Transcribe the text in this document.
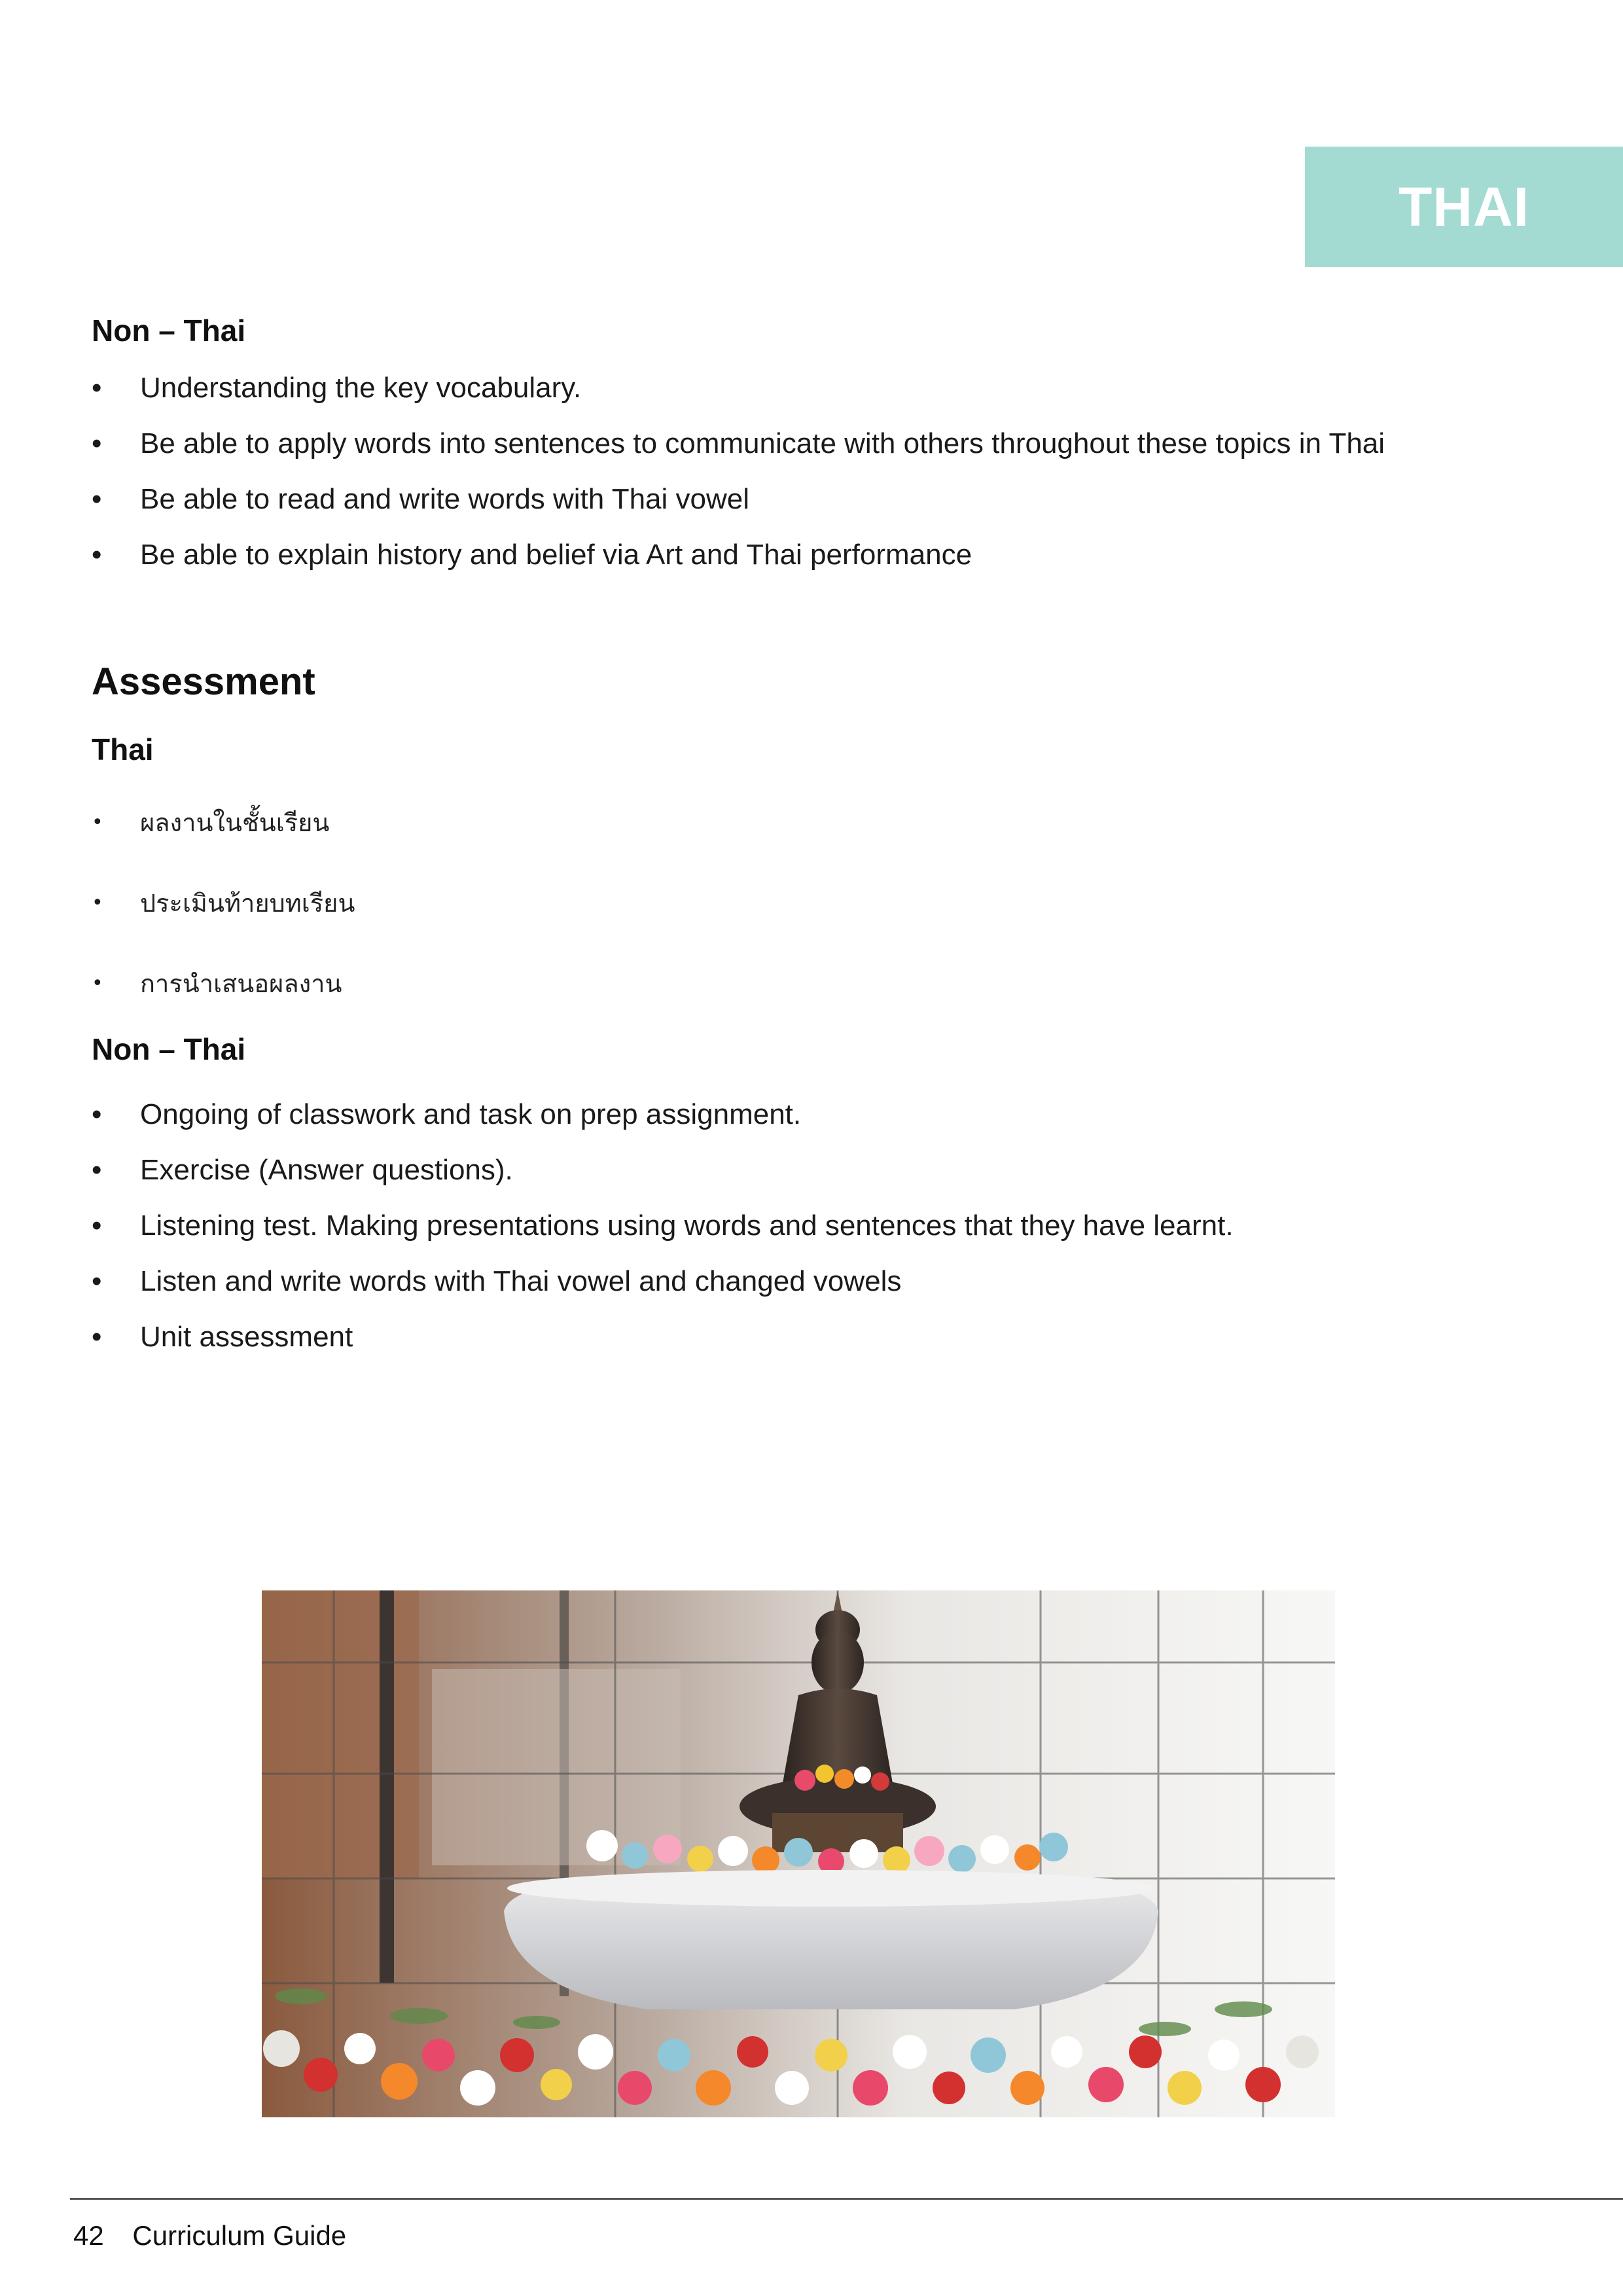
THAI
Non – Thai
• Understanding the key vocabulary.
• Be able to apply words into sentences to communicate with others throughout these topics in Thai
• Be able to read and write words with Thai vowel
• Be able to explain history and belief via Art and Thai performance
Assessment
Thai
• ผลงานในชั้นเรียน
• ประเมินท้ายบทเรียน
• การนำเสนอผลงาน
Non – Thai
• Ongoing of classwork and task on prep assignment.
• Exercise (Answer questions).
• Listening test. Making presentations using words and sentences that they have learnt.
• Listen and write words with Thai vowel and changed vowels
• Unit assessment
42 Curriculum Guide
